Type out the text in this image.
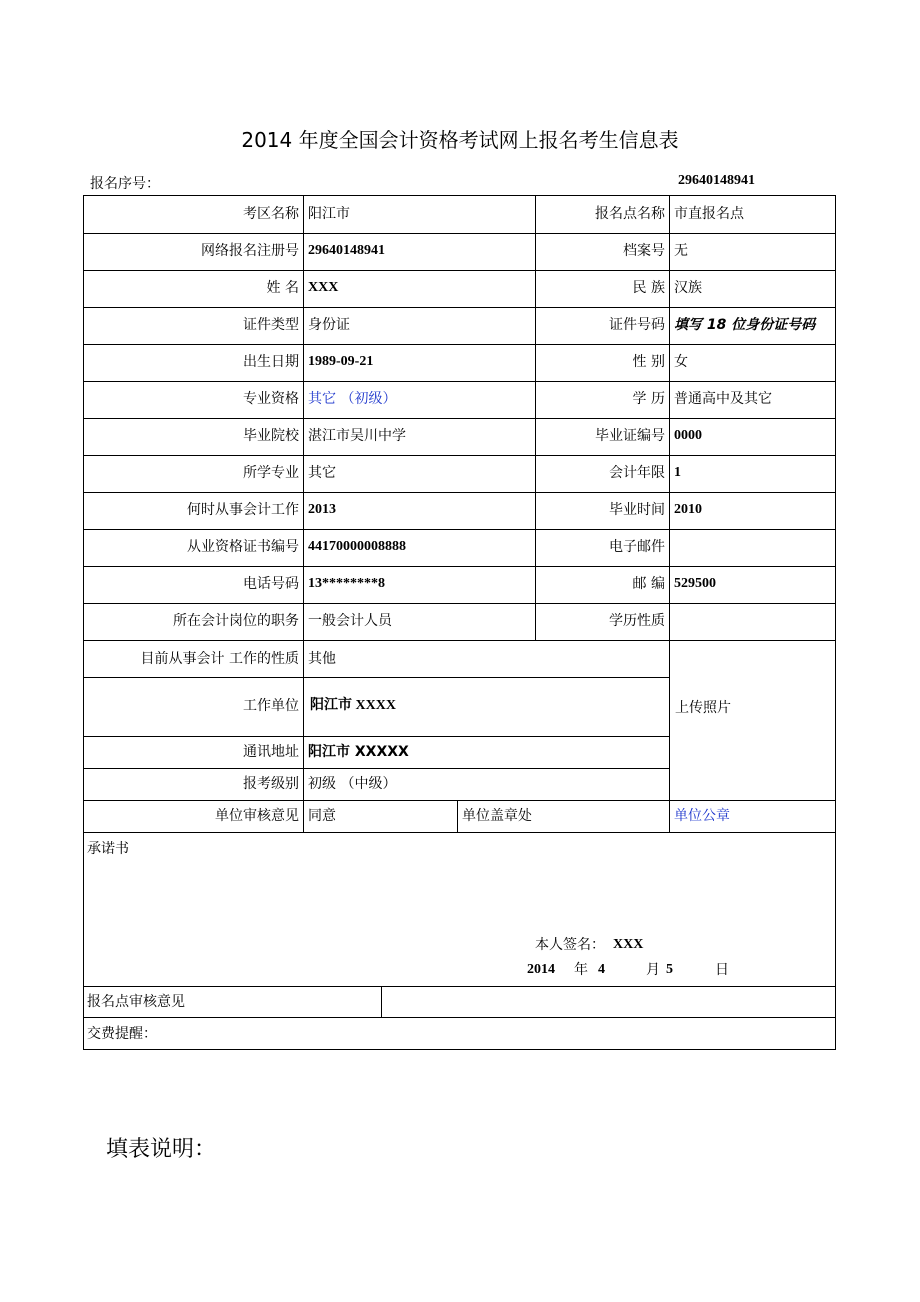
2014 年度全国会计资格考试网上报名考生信息表
报名序号：	29640148941
考区名称 阳江市	报名点名称 市直报名点
网络报名注册号 29640148941	档案号 无
姓 名 XXX	民 族 汉族
证件类型 身份证	证件号码 填写 18 位身份证号码
出生日期 1989-09-21	性 别 女
专业资格 其它 （初级）	学 历 普通高中及其它
毕业院校 湛江市吴川中学	毕业证编号 0000
所学专业 其它	会计年限 1
何时从事会计工作 2013	毕业时间 2010
从业资格证书编号 44170000008888	电子邮件
电话号码 13********8	邮 编 529500
所在会计岗位的职务 一般会计人员	学历性质
目前从事会计 工作的性质 其他
工作单位 阳江市 XXXX
通讯地址 阳江市 XXXXX
报考级别 初级 （中级）
上传照片
单位审核意见 同意	单位盖章处	单位公章
承诺书
本人签名： XXX
2014 年 4	月 5	日
报名点审核意见
交费提醒：
填表说明：
